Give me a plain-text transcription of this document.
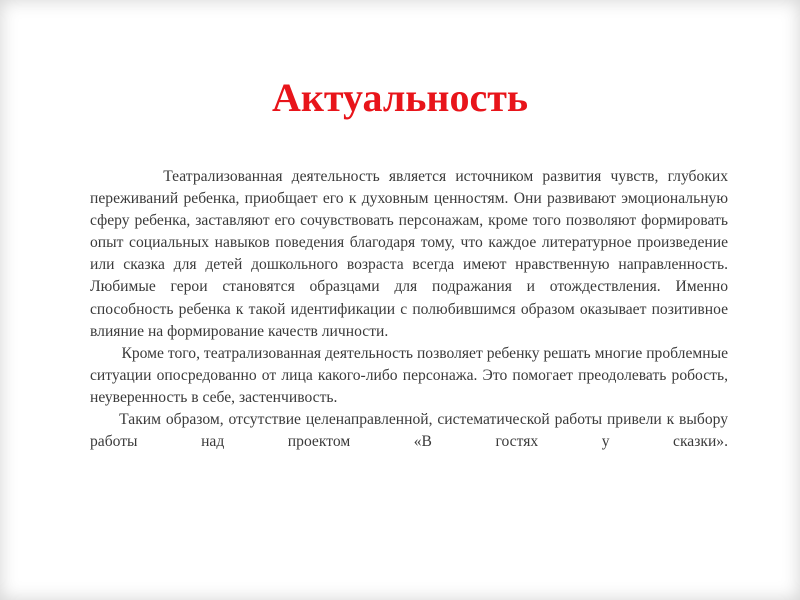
Актуальность

Театрализованная деятельность является источником развития чувств, глубоких переживаний ребенка, приобщает его к духовным ценностям. Они развивают эмоциональную сферу ребенка, заставляют его сочувствовать персонажам, кроме того позволяют формировать опыт социальных навыков поведения благодаря тому, что каждое литературное произведение или сказка для детей дошкольного возраста всегда имеют нравственную направленность. Любимые герои становятся образцами для подражания и отождествления. Именно способность ребенка к такой идентификации с полюбившимся образом оказывает позитивное влияние на формирование качеств личности.

Кроме того, театрализованная деятельность позволяет ребенку решать многие проблемные ситуации опосредованно от лица какого-либо персонажа. Это помогает преодолевать робость, неуверенность в себе, застенчивость.

Таким образом, отсутствие целенаправленной, систематической работы привели к выбору работы над проектом «В гостях у сказки».
